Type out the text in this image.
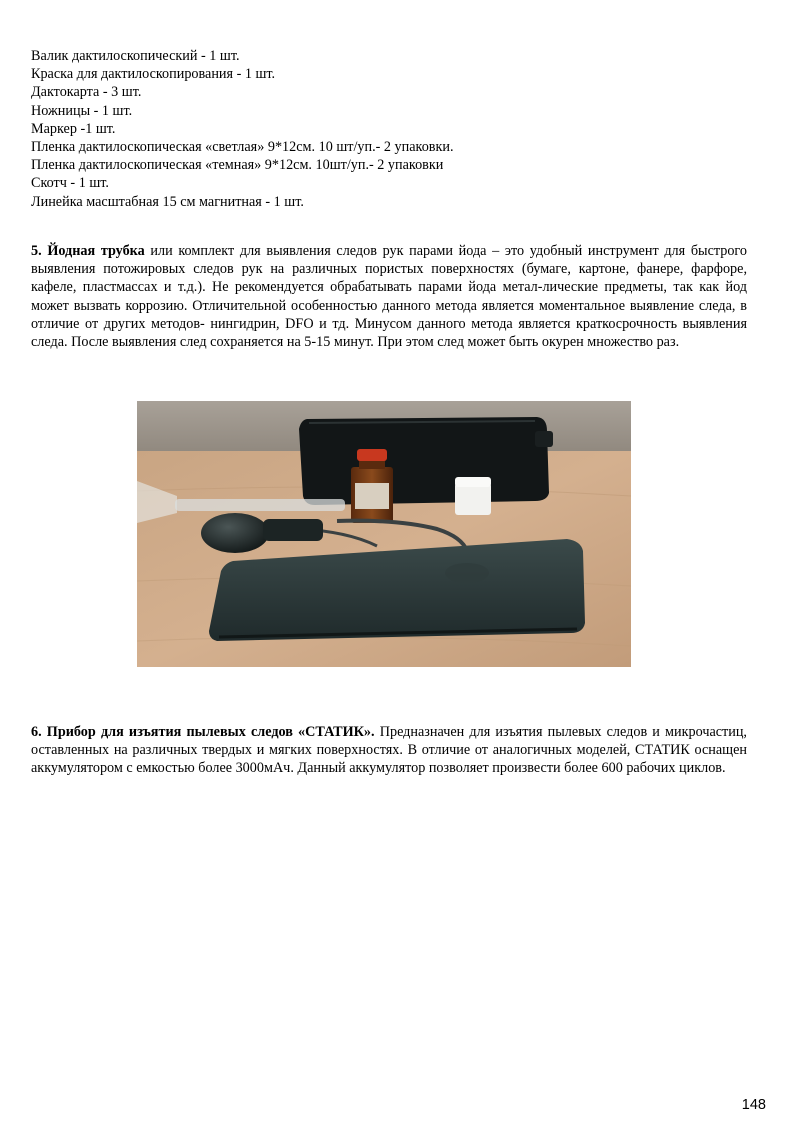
Валик дактилоскопический - 1 шт.
Краска для дактилоскопирования - 1 шт.
Дактокарта - 3 шт.
Ножницы - 1 шт.
Маркер -1 шт.
Пленка дактилоскопическая «светлая» 9*12см. 10 шт/уп.- 2 упаковки.
Пленка дактилоскопическая «темная» 9*12см. 10шт/уп.- 2 упаковки
Скотч - 1 шт.
Линейка масштабная 15 см магнитная - 1 шт.

5. Йодная трубка или комплект для выявления следов рук парами йода – это удобный инструмент для быстрого выявления потожировых следов рук на различных пористых поверхностях (бумаге, картоне, фанере, фарфоре, кафеле, пластмассах и т.д.). Не рекомендуется обрабатывать парами йода метал-лические предметы, так как йод может вызвать коррозию. Отличительной особенностью данного метода является моментальное выявление следа, в отличие от других методов- нингидрин, DFO и тд. Минусом данного метода является краткосрочность выявления следа. После выявления след сохраняется на 5-15 минут. При этом след может быть окурен множество раз.

6. Прибор для изъятия пылевых следов «СТАТИК». Предназначен для изъятия пылевых следов и микрочастиц, оставленных на различных твердых и мягких поверхностях. В отличие от аналогичных моделей, СТАТИК оснащен аккумулятором с емкостью более 3000мАч. Данный аккумулятор позволяет произвести более 600 рабочих циклов.

148
